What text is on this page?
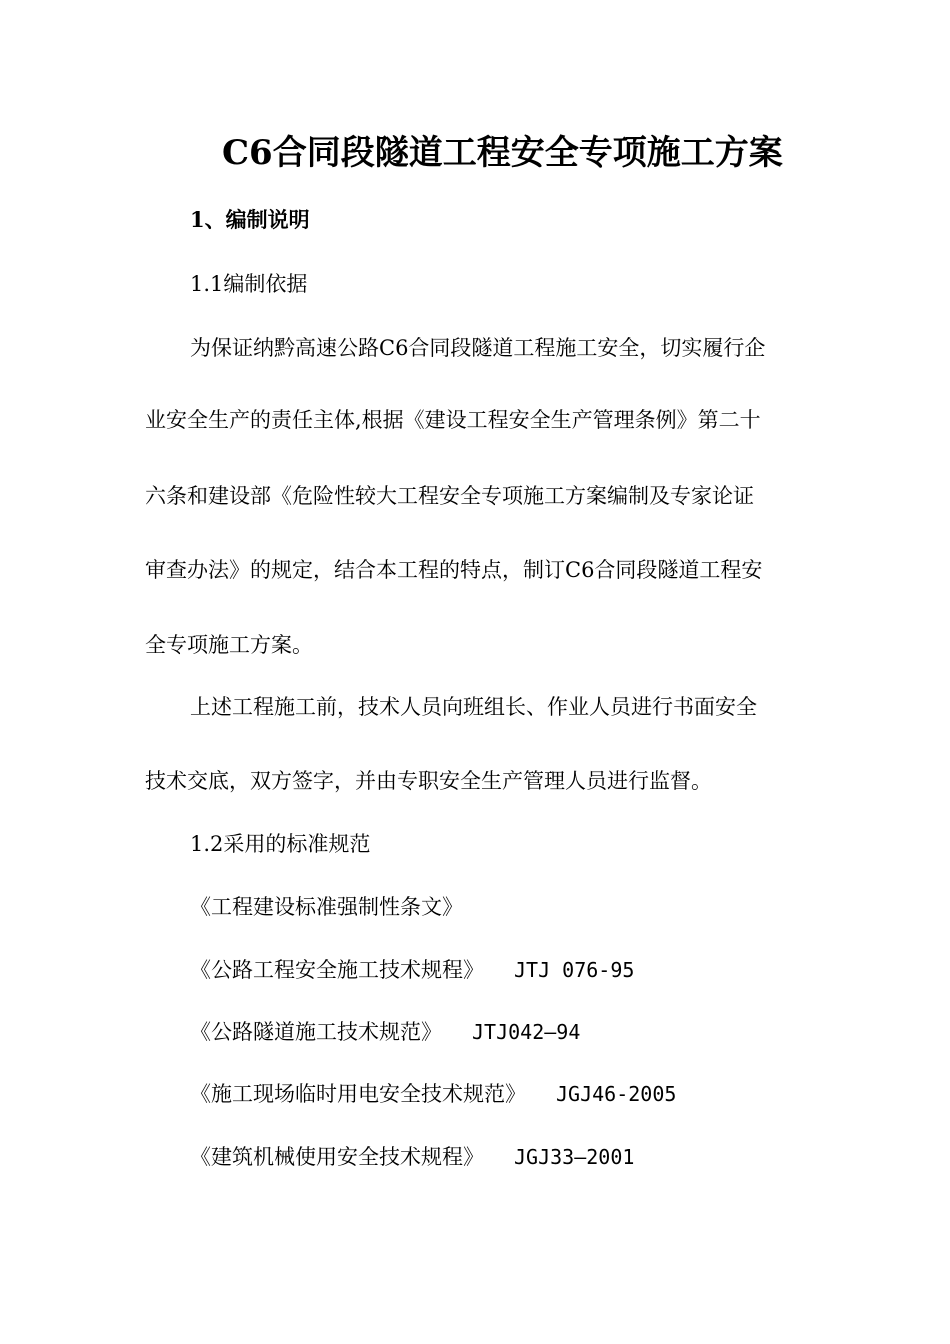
C6合同段隧道工程安全专项施工方案
1、编制说明
1.1编制依据
为保证纳黔高速公路C6合同段隧道工程施工安全，切实履行企
业安全生产的责任主体,根据《建设工程安全生产管理条例》第二十
六条和建设部《危险性较大工程安全专项施工方案编制及专家论证
审查办法》的规定，结合本工程的特点，制订C6合同段隧道工程安
全专项施工方案。
上述工程施工前，技术人员向班组长、作业人员进行书面安全
技术交底，双方签字，并由专职安全生产管理人员进行监督。
1.2采用的标准规范
《工程建设标准强制性条文》
《公路工程安全施工技术规程》 JTJ 076-95
《公路隧道施工技术规范》 JTJ042—94
《施工现场临时用电安全技术规范》 JGJ46-2005
《建筑机械使用安全技术规程》 JGJ33—2001
